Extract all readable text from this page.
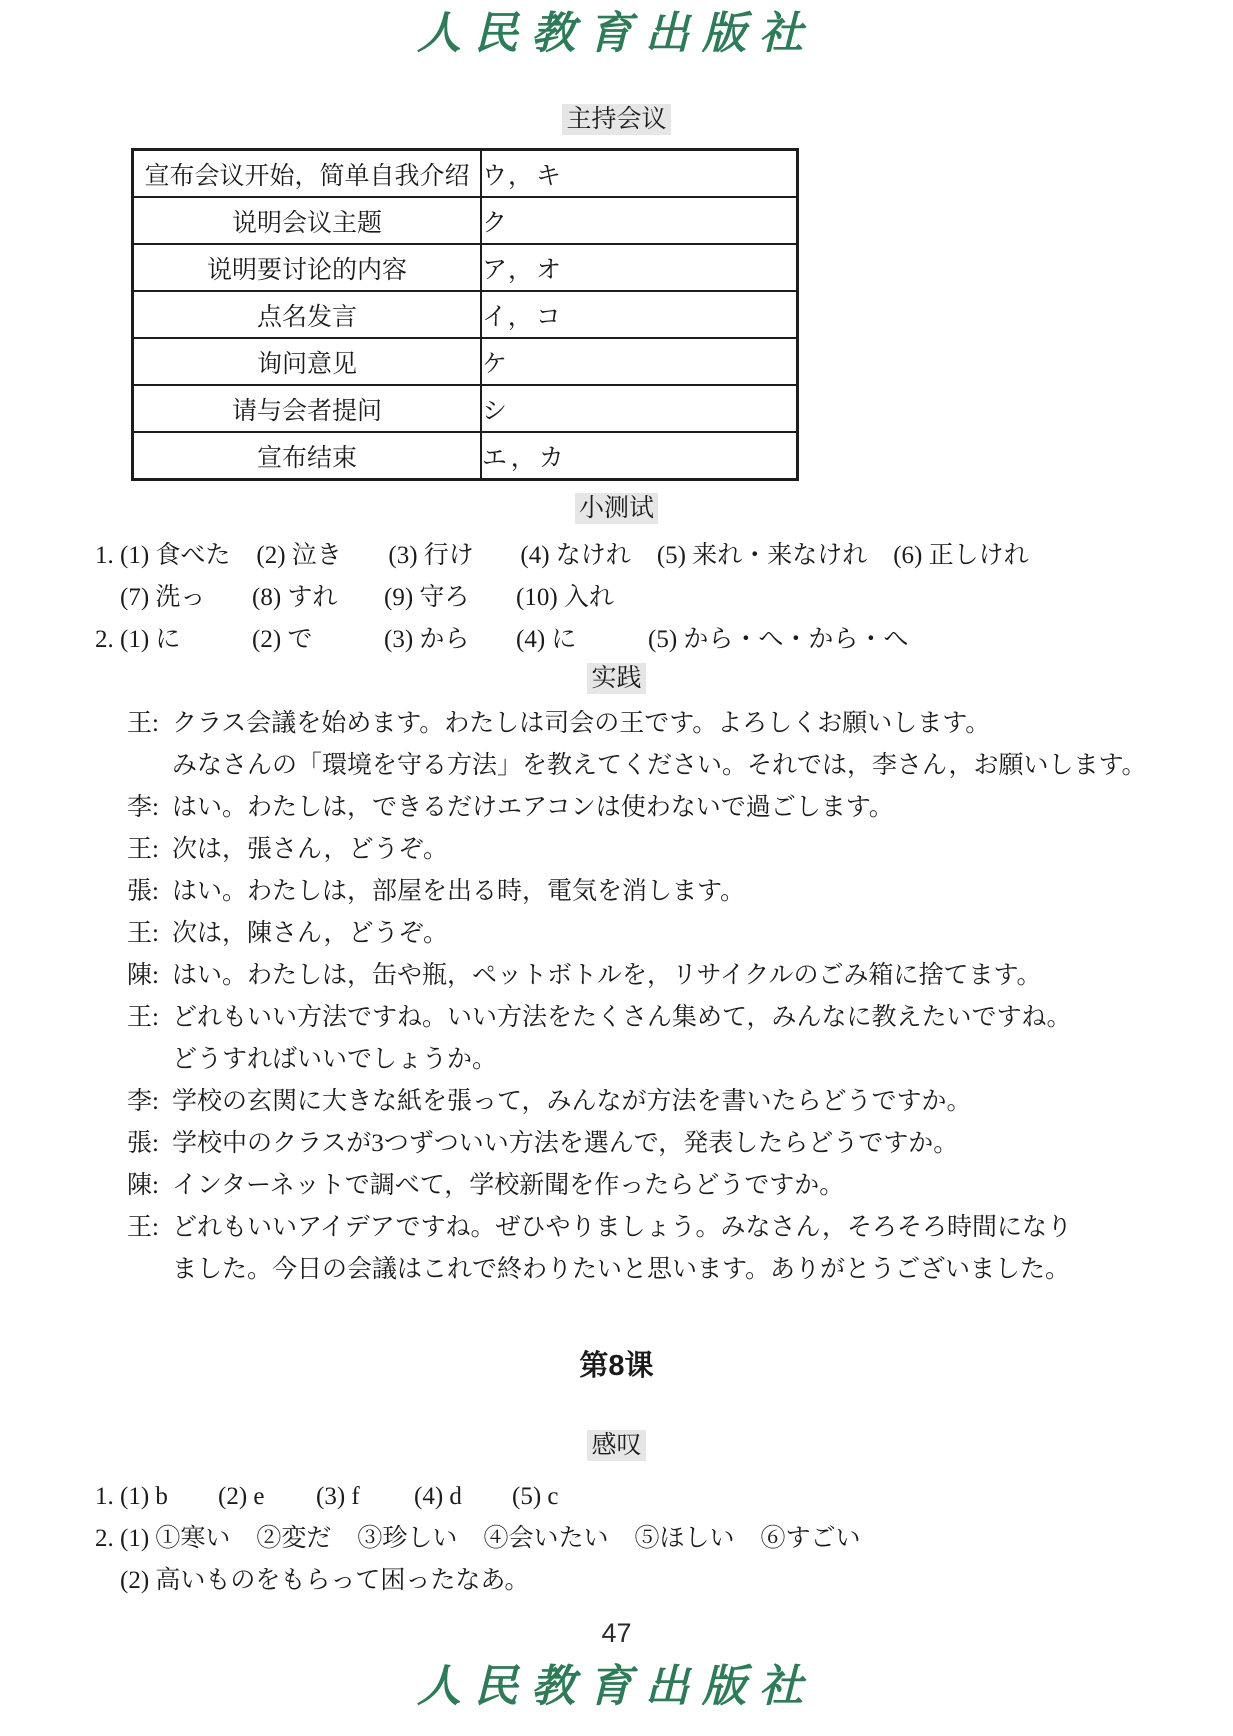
人民教育出版社
主持会议
宣布会议开始，简单自我介绍	ウ，キ
说明会议主题	ク
说明要讨论的内容	ア，オ
点名发言	イ，コ
询问意见	ケ
请与会者提问	シ
宣布结束	エ，カ
小测试
1. (1) 食べた (2) 泣き (3) 行け (4) なけれ (5) 来れ・来なけれ (6) 正しけれ
(7) 洗っ (8) すれ (9) 守ろ (10) 入れ
2. (1) に	(2) で	(3) から (4) に	(5) から・へ・から・へ
实践
王: クラス会議を始めます。わたしは司会の王です。よろしくお願いします。
みなさんの「環境を守る方法」を教えてください。それでは，李さん，お願いします。
李: はい。わたしは，できるだけエアコンは使わないで過ごします。
王: 次は，張さん，どうぞ。
張: はい。わたしは，部屋を出る時，電気を消します。
王: 次は，陳さん，どうぞ。
陳: はい。わたしは，缶や瓶，ペットボトルを，リサイクルのごみ箱に捨てます。
王: どれもいい方法ですね。いい方法をたくさん集めて，みんなに教えたいですね。
どうすればいいでしょうか。
李: 学校の玄関に大きな紙を張って，みんなが方法を書いたらどうですか。
張: 学校中のクラスが3つずついい方法を選んで，発表したらどうですか。
陳: インターネットで調べて，学校新聞を作ったらどうですか。
王: どれもいいアイデアですね。ぜひやりましょう。みなさん，そろそろ時間になり
ました。今日の会議はこれで終わりたいと思います。ありがとうございました。
第8课
感叹
1. (1) b (2) e (3) f (4) d (5) c
2. (1) ①寒い ②変だ ③珍しい ④会いたい ⑤ほしい ⑥すごい
(2) 高いものをもらって困ったなあ。
47
人民教育出版社
